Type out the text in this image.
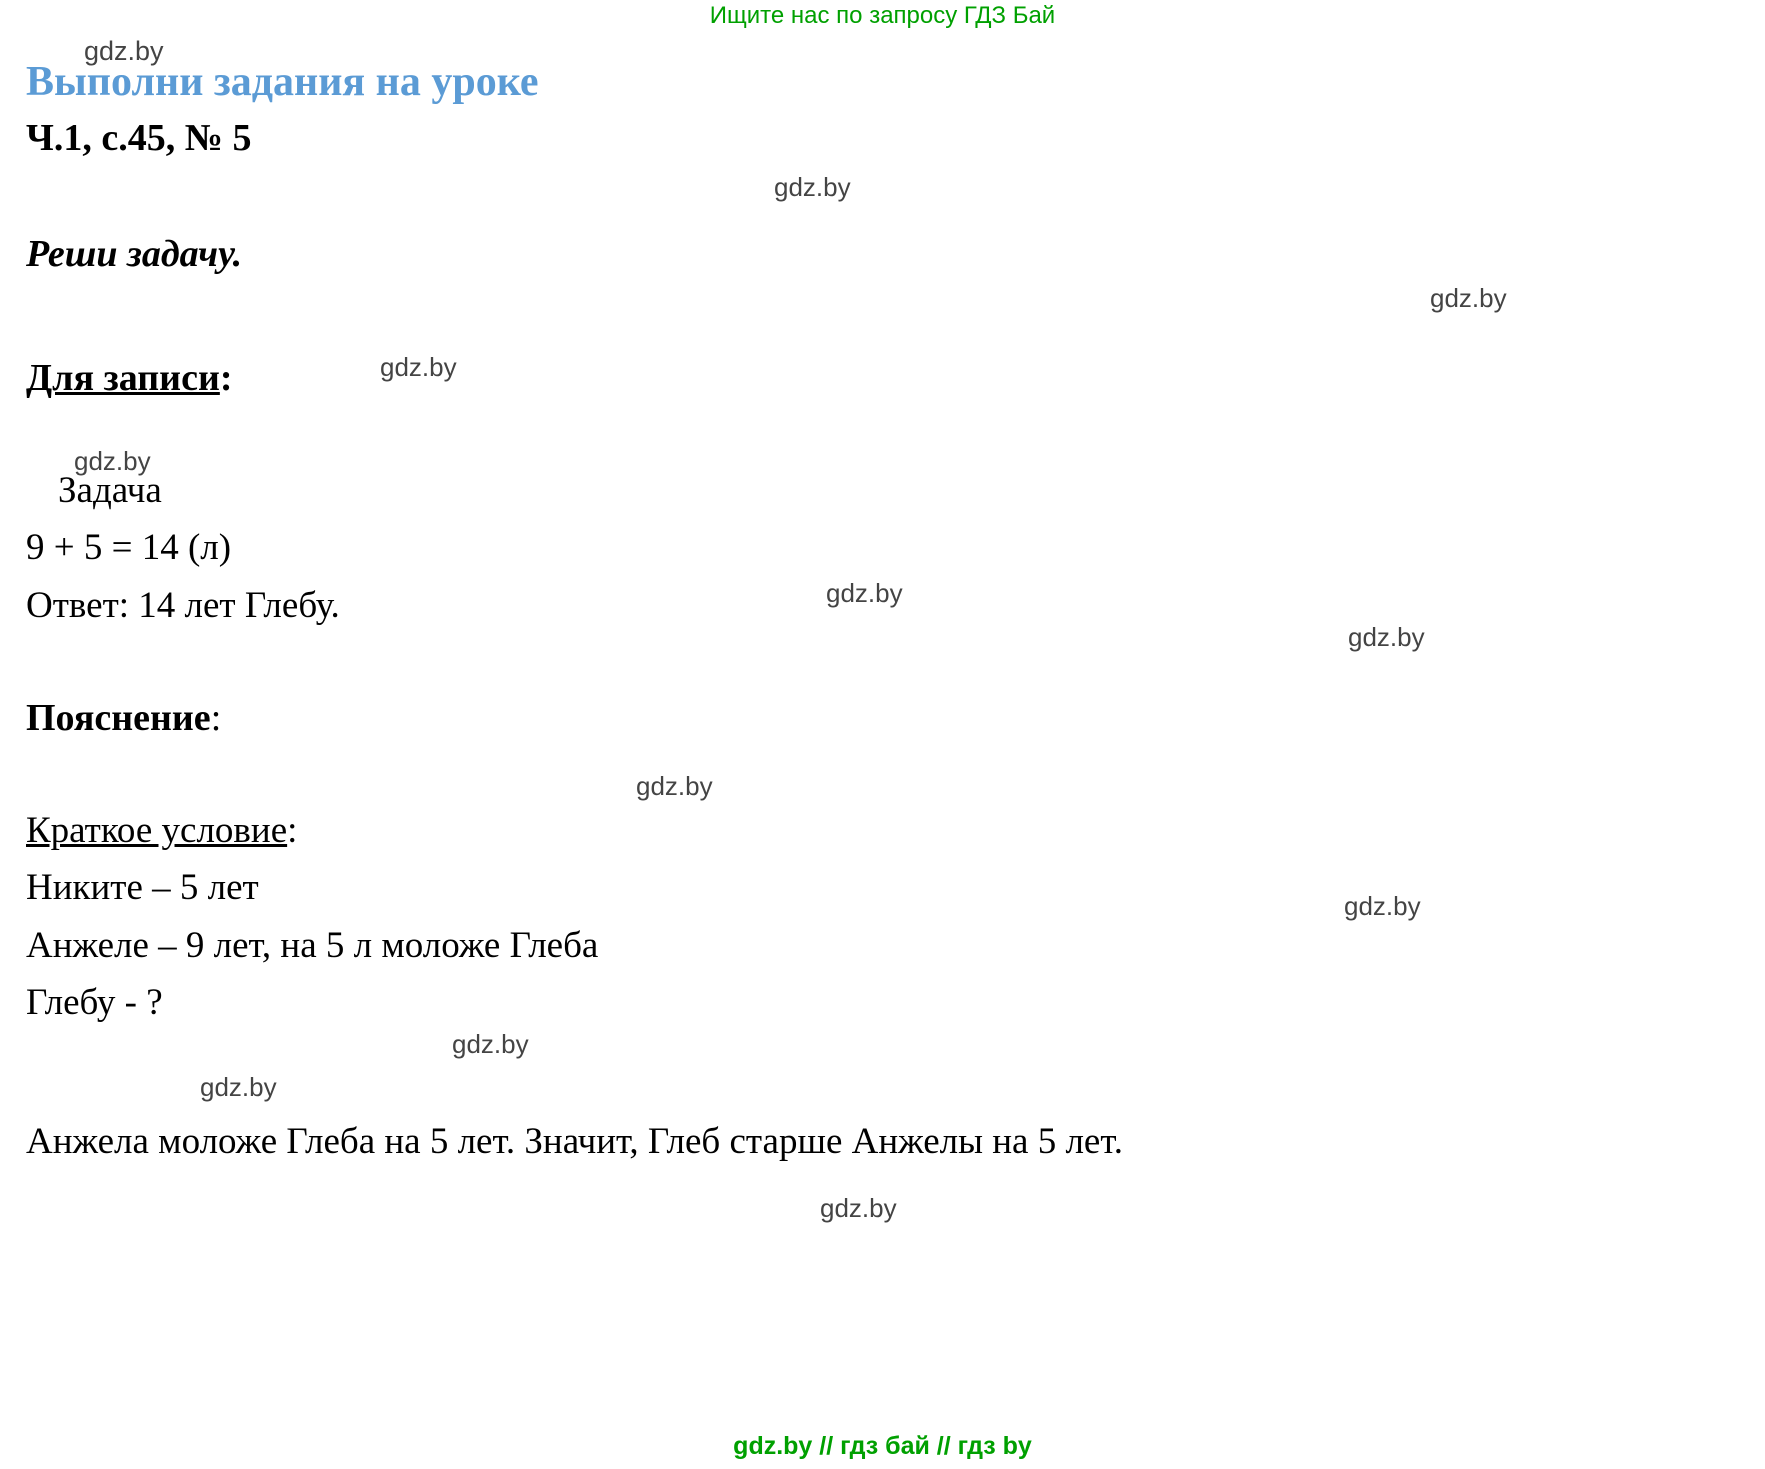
Ищите нас по запросу ГДЗ Бай
Выполни задания на уроке
Ч.1, с.45, № 5
Реши задачу.
Для записи:
Задача
9 + 5 = 14 (л)
Ответ: 14 лет Глебу.
Пояснение:
Краткое условие:
Никите – 5 лет
Анжеле – 9 лет, на 5 л моложе Глеба
Глебу - ?
Анжела моложе Глеба на 5 лет. Значит, Глеб старше Анжелы на 5 лет.
gdz.by
gdz.by
gdz.by
gdz.by
gdz.by
gdz.by
gdz.by
gdz.by
gdz.by
gdz.by
gdz.by
gdz.by
gdz.by // гдз бай // гдз by
